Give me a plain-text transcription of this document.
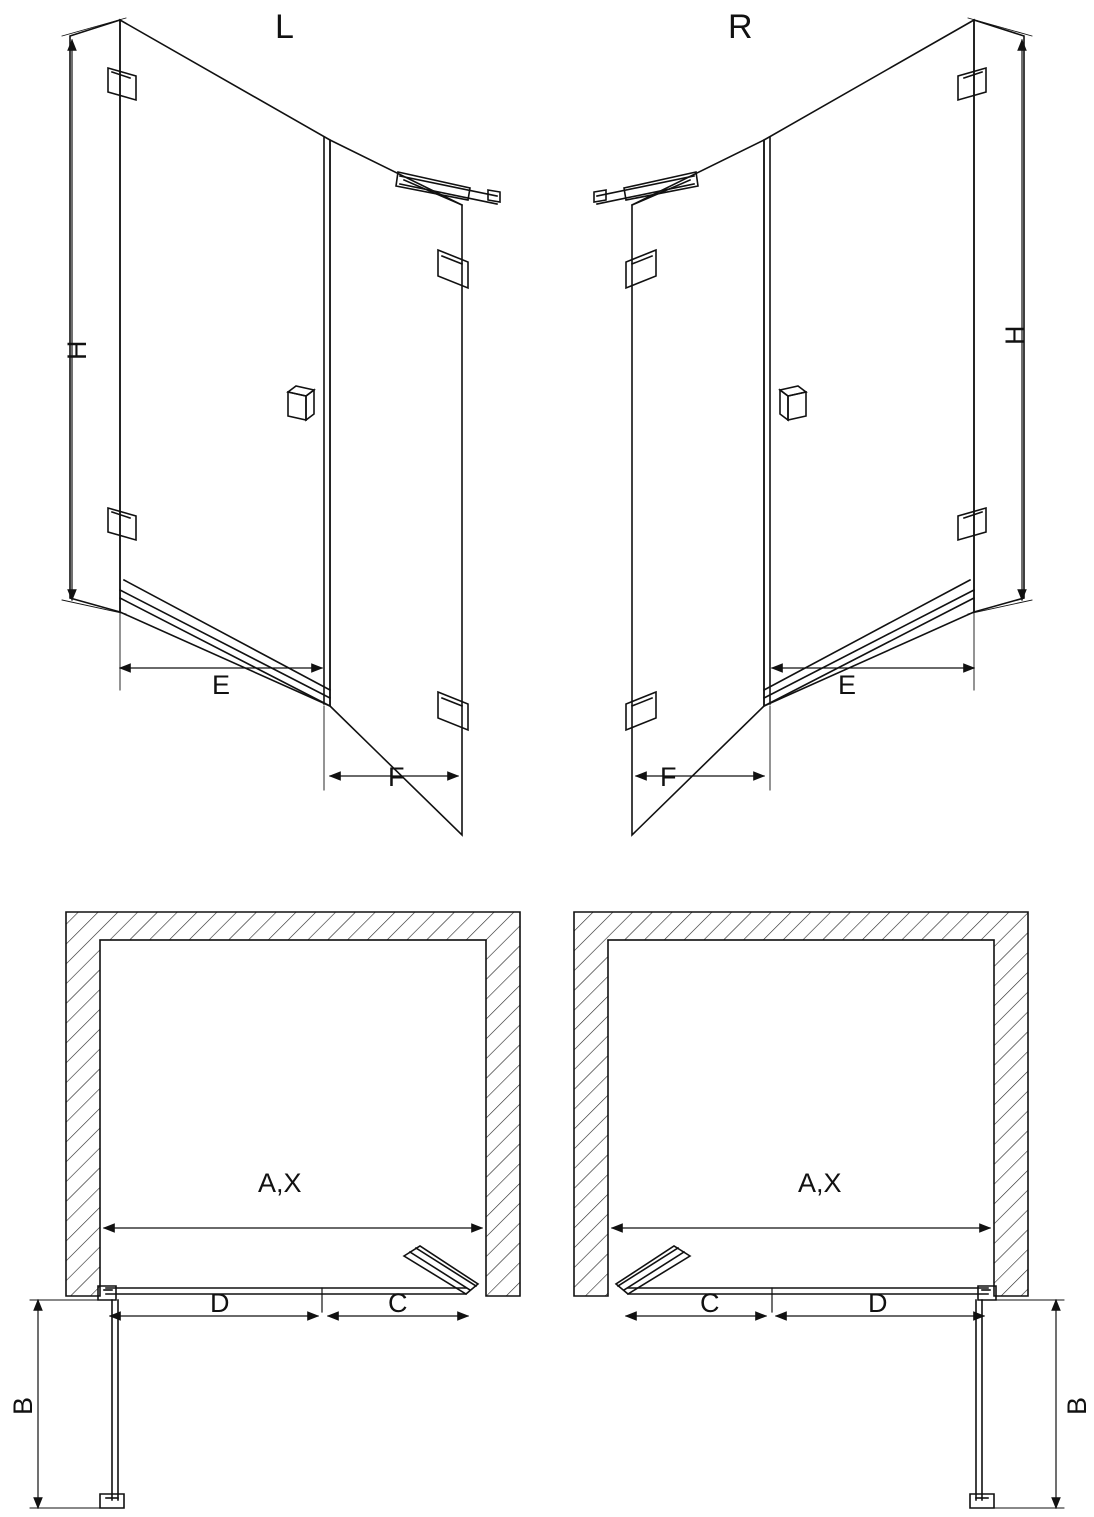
L	R
H
H
E
F
E
F
A,X	A,X
D	C	C	D
B	B
